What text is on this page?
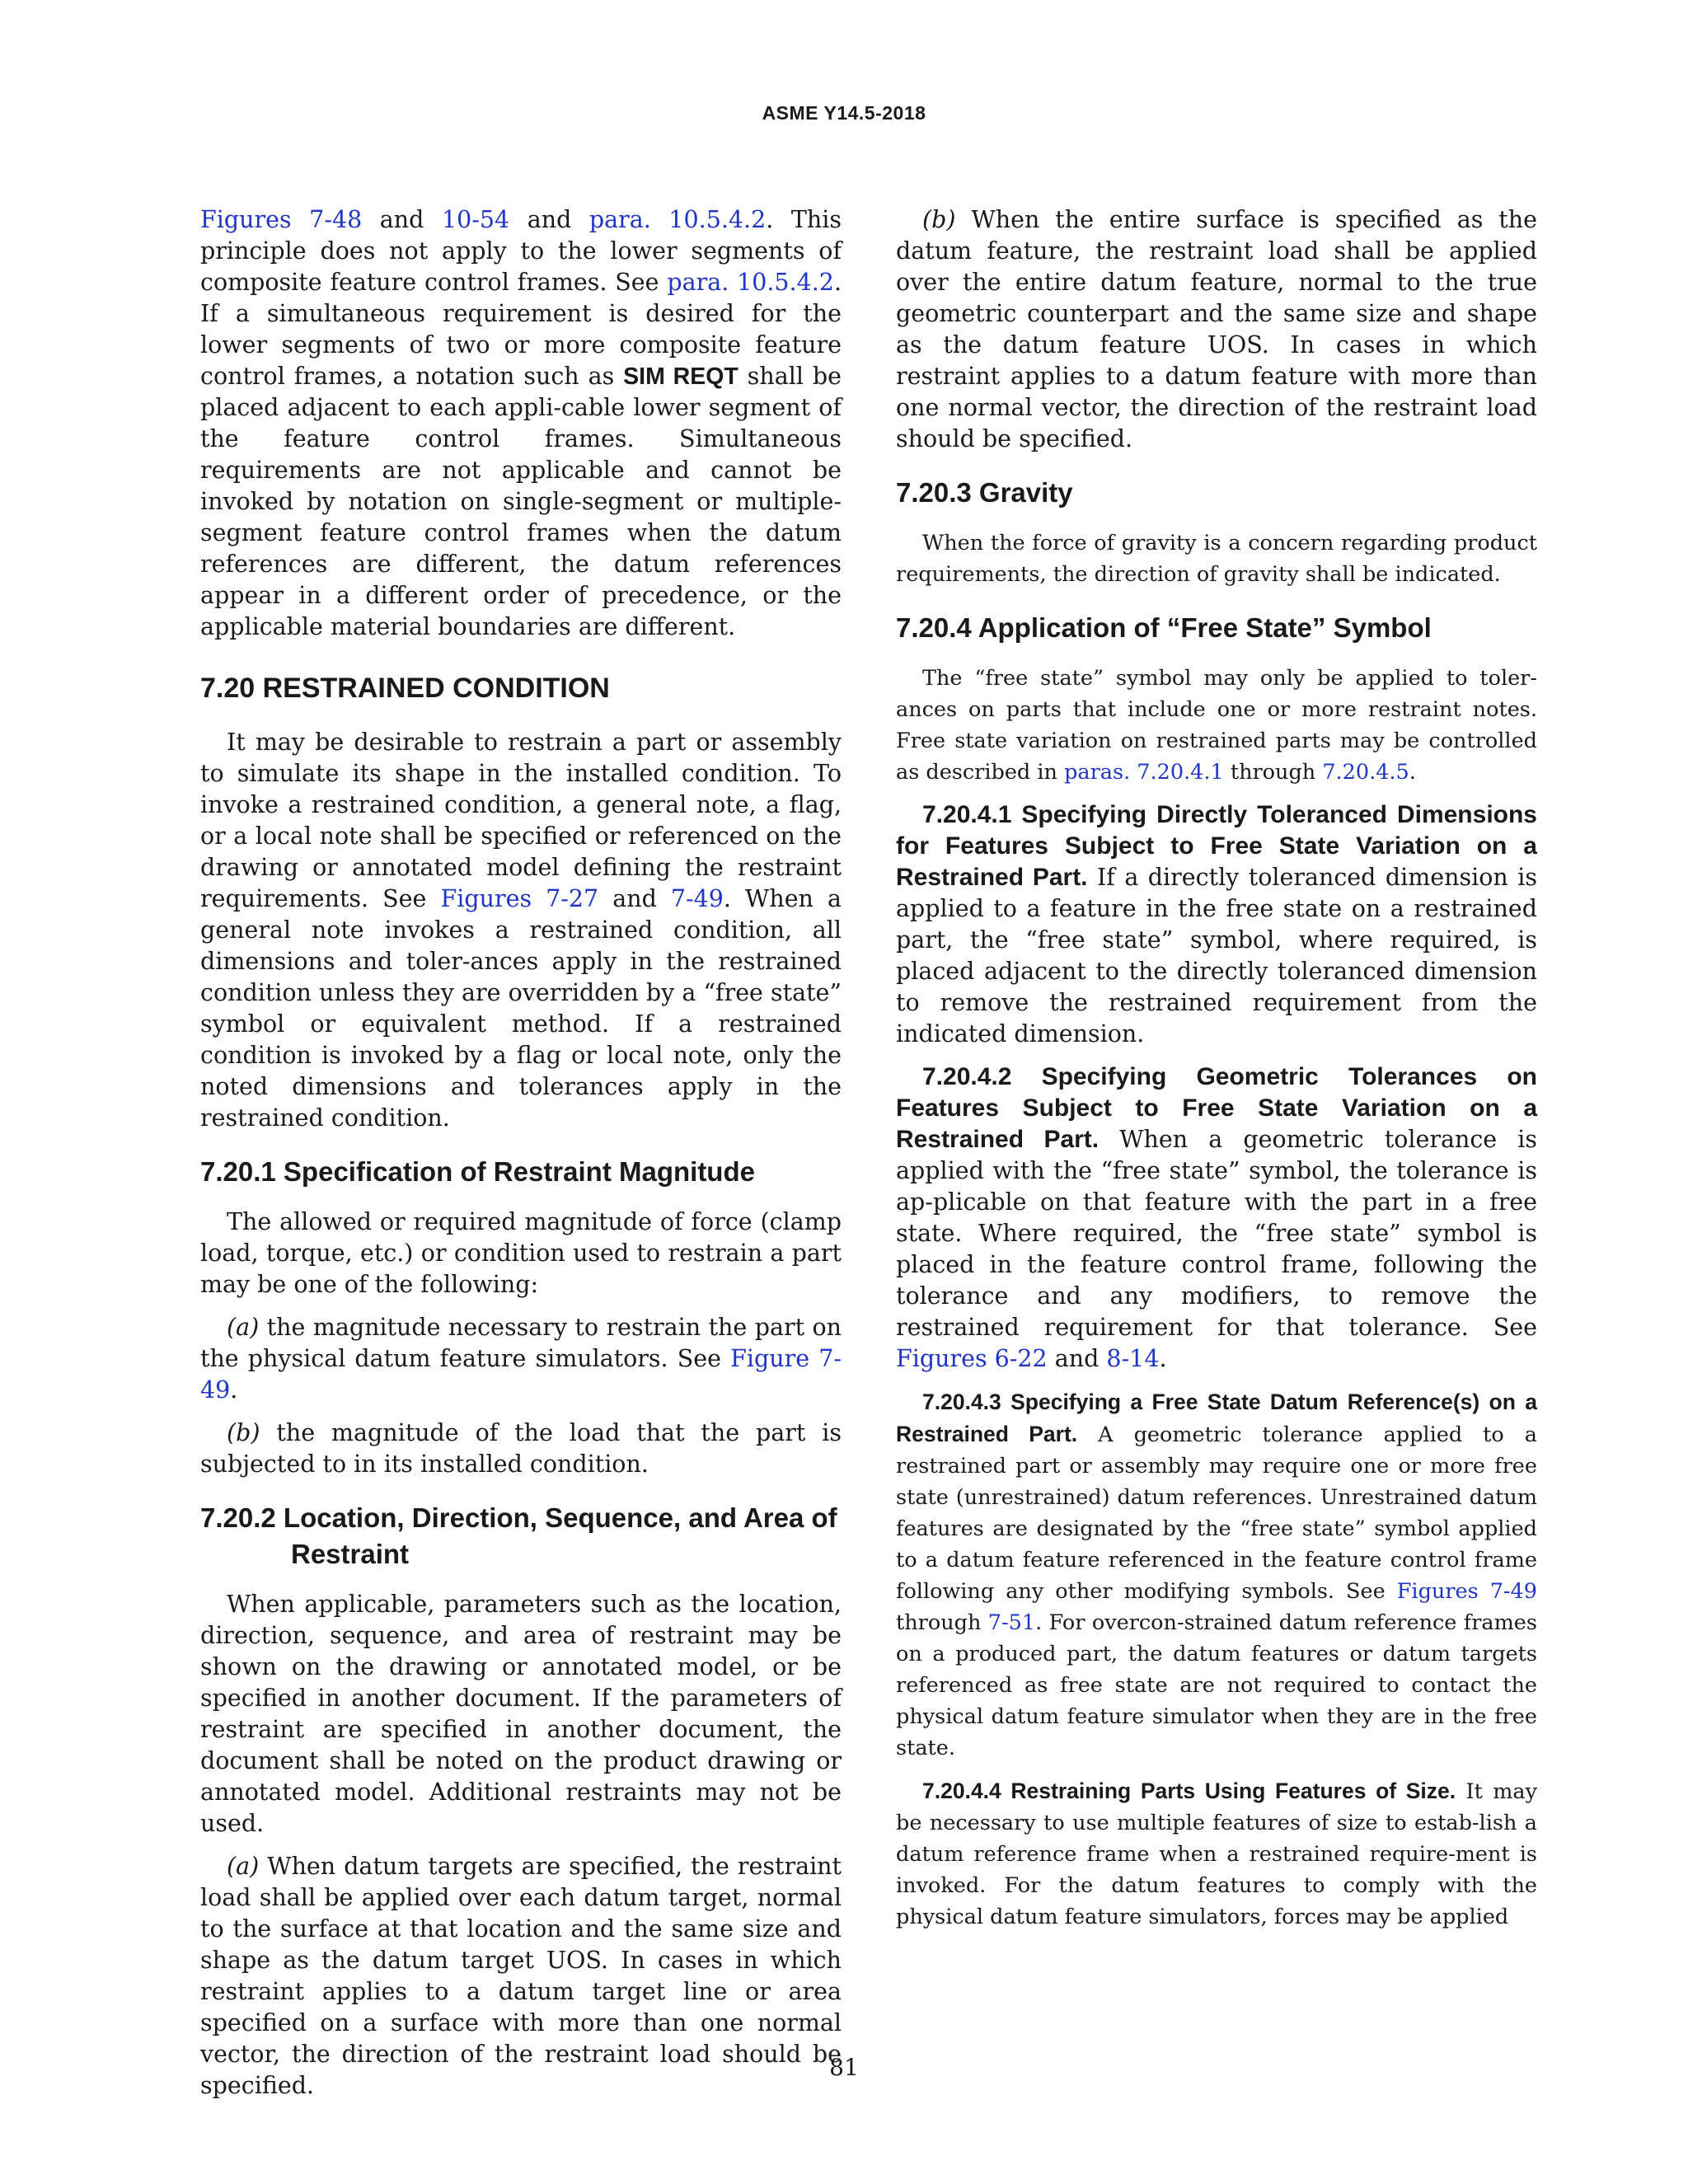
ASME Y14.5-2018

Figures 7-48 and 10-54 and para. 10.5.4.2. This principle does not apply to the lower segments of composite feature control frames. See para. 10.5.4.2. If a simultaneous requirement is desired for the lower segments of two or more composite feature control frames, a notation such as SIM REQT shall be placed adjacent to each appli-cable lower segment of the feature control frames. Simultaneous requirements are not applicable and cannot be invoked by notation on single-segment or multiple-segment feature control frames when the datum references are different, the datum references appear in a different order of precedence, or the applicable material boundaries are different.

7.20 RESTRAINED CONDITION

It may be desirable to restrain a part or assembly to simulate its shape in the installed condition. To invoke a restrained condition, a general note, a flag, or a local note shall be specified or referenced on the drawing or annotated model defining the restraint requirements. See Figures 7-27 and 7-49. When a general note invokes a restrained condition, all dimensions and toler-ances apply in the restrained condition unless they are overridden by a “free state” symbol or equivalent method. If a restrained condition is invoked by a flag or local note, only the noted dimensions and tolerances apply in the restrained condition.

7.20.1 Specification of Restraint Magnitude

The allowed or required magnitude of force (clamp load, torque, etc.) or condition used to restrain a part may be one of the following:

(a) the magnitude necessary to restrain the part on the physical datum feature simulators. See Figure 7-49.

(b) the magnitude of the load that the part is subjected to in its installed condition.

7.20.2 Location, Direction, Sequence, and Area of Restraint

When applicable, parameters such as the location, direction, sequence, and area of restraint may be shown on the drawing or annotated model, or be specified in another document. If the parameters of restraint are specified in another document, the document shall be noted on the product drawing or annotated model. Additional restraints may not be used.

(a) When datum targets are specified, the restraint load shall be applied over each datum target, normal to the surface at that location and the same size and shape as the datum target UOS. In cases in which restraint applies to a datum target line or area specified on a surface with more than one normal vector, the direction of the restraint load should be specified.

(b) When the entire surface is specified as the datum feature, the restraint load shall be applied over the entire datum feature, normal to the true geometric counterpart and the same size and shape as the datum feature UOS. In cases in which restraint applies to a datum feature with more than one normal vector, the direction of the restraint load should be specified.

7.20.3 Gravity

When the force of gravity is a concern regarding product requirements, the direction of gravity shall be indicated.

7.20.4 Application of “Free State” Symbol

The “free state” symbol may only be applied to toler-ances on parts that include one or more restraint notes. Free state variation on restrained parts may be controlled as described in paras. 7.20.4.1 through 7.20.4.5.

7.20.4.1 Specifying Directly Toleranced Dimensions for Features Subject to Free State Variation on a Restrained Part. If a directly toleranced dimension is applied to a feature in the free state on a restrained part, the “free state” symbol, where required, is placed adjacent to the directly toleranced dimension to remove the restrained requirement from the indicated dimension.

7.20.4.2 Specifying Geometric Tolerances on Features Subject to Free State Variation on a Restrained Part. When a geometric tolerance is applied with the “free state” symbol, the tolerance is ap-plicable on that feature with the part in a free state. Where required, the “free state” symbol is placed in the feature control frame, following the tolerance and any modifiers, to remove the restrained requirement for that tolerance. See Figures 6-22 and 8-14.

7.20.4.3 Specifying a Free State Datum Reference(s) on a Restrained Part. A geometric tolerance applied to a restrained part or assembly may require one or more free state (unrestrained) datum references. Unrestrained datum features are designated by the “free state” symbol applied to a datum feature referenced in the feature control frame following any other modifying symbols. See Figures 7-49 through 7-51. For overcon-strained datum reference frames on a produced part, the datum features or datum targets referenced as free state are not required to contact the physical datum feature simulator when they are in the free state.

7.20.4.4 Restraining Parts Using Features of Size. It may be necessary to use multiple features of size to estab-lish a datum reference frame when a restrained require-ment is invoked. For the datum features to comply with the physical datum feature simulators, forces may be applied

81
